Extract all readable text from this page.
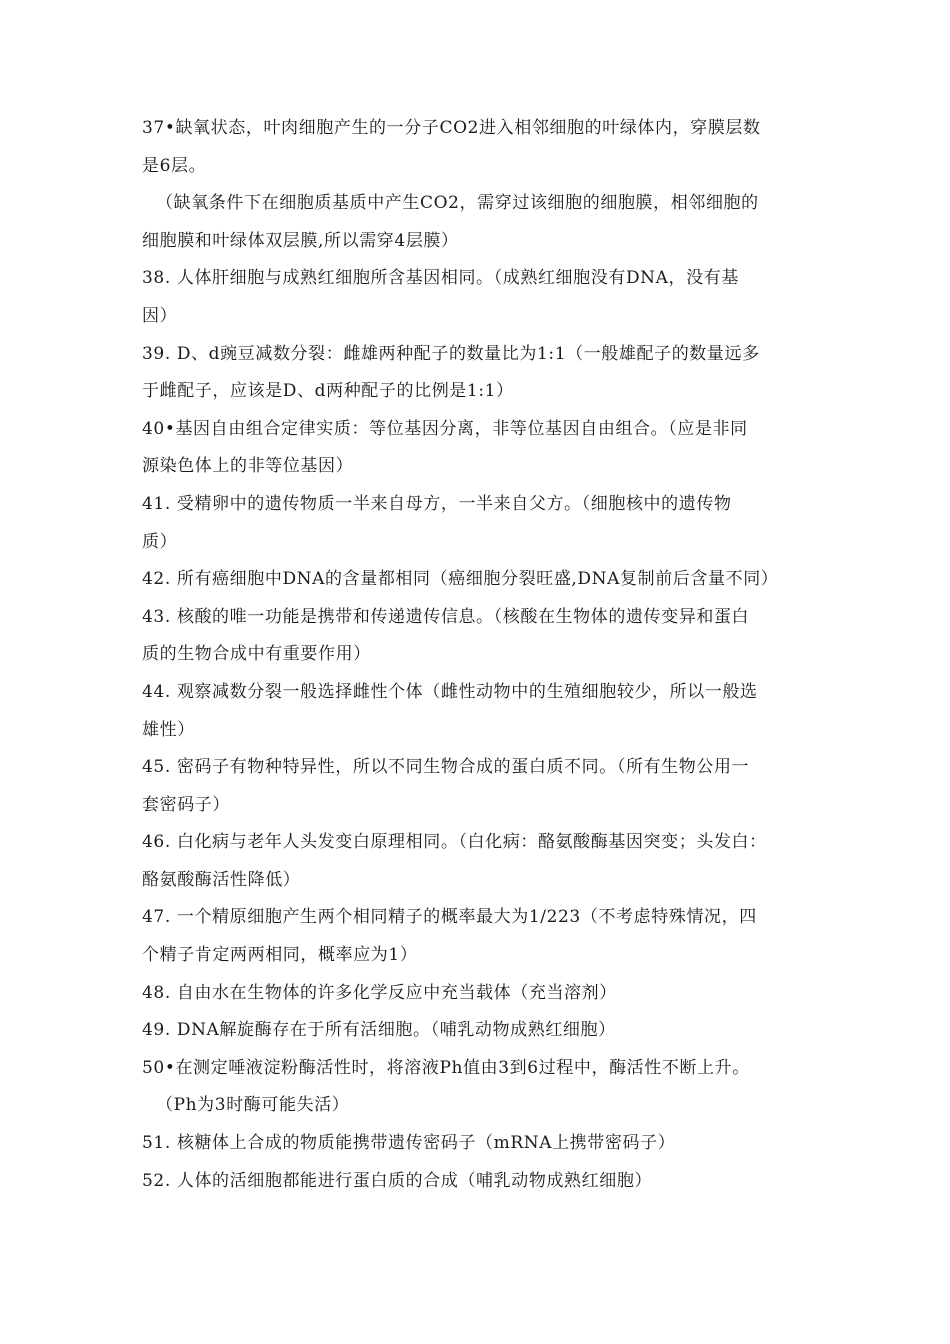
37•缺氧状态，叶肉细胞产生的一分子CO2进入相邻细胞的叶绿体内，穿膜层数
是6层。
（缺氧条件下在细胞质基质中产生CO2，需穿过该细胞的细胞膜，相邻细胞的
细胞膜和叶绿体双层膜,所以需穿4层膜）
38. 人体肝细胞与成熟红细胞所含基因相同。（成熟红细胞没有DNA，没有基
因）
39. D、d豌豆减数分裂：雌雄两种配子的数量比为1:1（一般雄配子的数量远多
于雌配子，应该是D、d两种配子的比例是1:1）
40•基因自由组合定律实质：等位基因分离，非等位基因自由组合。（应是非同
源染色体上的非等位基因）
41. 受精卵中的遗传物质一半来自母方，一半来自父方。（细胞核中的遗传物
质）
42. 所有癌细胞中DNA的含量都相同（癌细胞分裂旺盛,DNA复制前后含量不同）
43. 核酸的唯一功能是携带和传递遗传信息。（核酸在生物体的遗传变异和蛋白
质的生物合成中有重要作用）
44. 观察减数分裂一般选择雌性个体（雌性动物中的生殖细胞较少，所以一般选
雄性）
45. 密码子有物种特异性，所以不同生物合成的蛋白质不同。（所有生物公用一
套密码子）
46. 白化病与老年人头发变白原理相同。（白化病：酪氨酸酶基因突变；头发白：
酪氨酸酶活性降低）
47. 一个精原细胞产生两个相同精子的概率最大为1/223（不考虑特殊情况，四
个精子肯定两两相同，概率应为1）
48. 自由水在生物体的许多化学反应中充当载体（充当溶剂）
49. DNA解旋酶存在于所有活细胞。（哺乳动物成熟红细胞）
50•在测定唾液淀粉酶活性时，将溶液Ph值由3到6过程中，酶活性不断上升。
（Ph为3时酶可能失活）
51. 核糖体上合成的物质能携带遗传密码子（mRNA上携带密码子）
52. 人体的活细胞都能进行蛋白质的合成（哺乳动物成熟红细胞）
